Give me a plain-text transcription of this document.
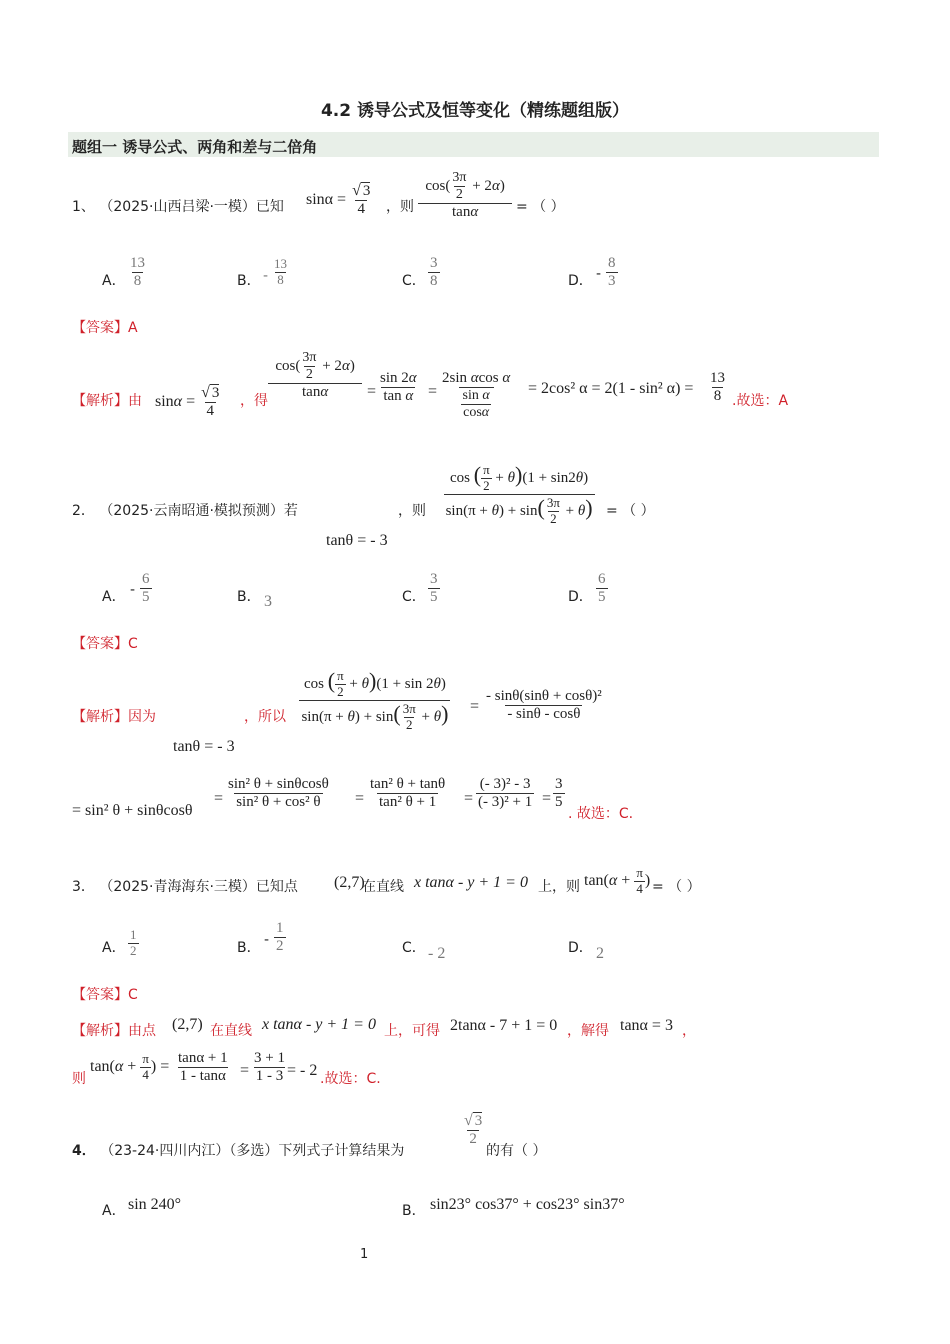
4.2 诱导公式及恒等变化（精练题组版）
题组一 诱导公式、两角和差与二倍角
1、 （2025·山西吕梁·一模）已知 $\sin\alpha = \frac{√ 3}{4}$ ，则 $\frac{\cos( \frac{3\pi}{2} + 2\alpha)}{\tan\alpha}$ = （ ）
A． $\frac{13}{8}$	B． - $\frac{13}{8}$	C． $\frac{3}{8}$	D． - $\frac{8}{3}$
【答案】A
【解析】由 $\sin\alpha = \frac{√ 3}{4}$ ，得 $\frac{\cos( \frac{3\pi}{2} + 2\alpha)}{\tan\alpha} = \frac{\sin 2\alpha}{\text{tan α}} = \frac{\text{2sin αcos α}}{\frac{\text{sin α}}{\cos\alpha}} = 2\cos^2$ α = 2(1 - sin² $\alpha) = \frac{13}{8}$ .故选：A
2． （2025·云南昭通·模拟预测）若
tanθ = - 3
，则 $\frac{\cos ( \frac{\pi}{2} + \theta)(1 + \sin 2\theta)}{\sin(\pi + \theta) + \sin( \frac{3\pi}{2} + \theta)}$
= （ ）
A． - $\frac{6}{5}$	B． 3	C． $\frac{3}{5}$	D． $\frac{6}{5}$
【答案】C
【解析】因为
tanθ = - 3
，所以 $\frac{\cos ( \frac{\pi}{2} + \theta)(1 + \sin 2\theta)}{\sin(\pi + \theta) + \sin( \frac{3\pi}{2} + \theta)} = \frac{\text{- sinθ(sinθ + cosθ)²}}{- \sin\theta - \cos\theta}$
= sin² θ + sinθcosθ
= $\frac{\text{sin² θ + sinθcosθ}}{\text{sin² θ + cos² θ}} = \frac{\text{tan² θ + tanθ}}{\text{tan² θ + 1}} = \frac{\text{(- 3)² - 3}}{\text{(- 3)² + 1}} = \frac{3}{5}$
. 故选：C.
3． （2025·青海海东·三模）已知点 (2,7)
在直线 x tanα - y + 1 = 0 上，则 $\tan(\alpha + \frac{\pi}{4}$ ) = （ ）
A． $\frac{1}{2}$	B． - $\frac{1}{2}$	C． - 2	D． 2
【答案】C
【解析】由点 (2,7) 在直线 x tanα - y + 1 = 0 上，可得 2tanα - 7 + 1 = 0 ，解得 tanα = 3 ，
则
$\tan(\alpha + \frac{\pi}{4}$ ) = $\frac{\tan\alpha + 1}{1 - \tan\alpha} = \frac{3 + 1}{1 - 3}$ = - 2 .故选：C.
4． （23-24·四川内江）（多选）下列式子计算结果为
$\frac{√ 3}{2}$
的有（ ）
A． sin 240°	B． sin23° cos37° + cos23° sin37°
1
